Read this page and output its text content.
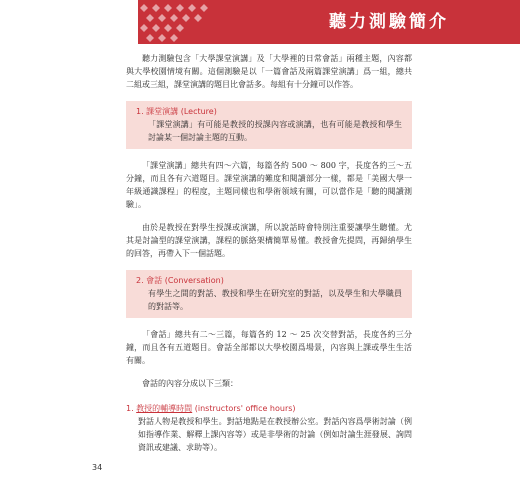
聽力測驗簡介

聽力測驗包含「大學課堂演講」及「大學裡的日常會話」兩種主題，內容都與大學校園情境有關。這個測驗是以「一篇會話及兩篇課堂演講」爲一組，總共二組或三組，課堂演講的題目比會話多。每組有十分鐘可以作答。

1. 課堂演講 (Lecture)

「課堂演講」有可能是教授的授課內容或演講，也有可能是教授和學生討論某一個討論主題的互動。

「課堂演講」總共有四～六篇，每篇各約 500 ～ 800 字，長度各約三～五分鐘，而且各有六道題目。課堂演講的難度和閱讀部分一樣，都是「美國大學一年級通識課程」的程度，主題同樣也和學術領域有關，可以當作是「聽的閱讀測驗」。

由於是教授在對學生授課或演講，所以說話時會特別注重要讓學生聽懂。尤其是討論型的課堂演講，課程的脈絡架構簡單易懂。教授會先提問，再歸納學生的回答，再帶入下一個話題。

2. 會話 (Conversation)

有學生之間的對話、教授和學生在研究室的對話，以及學生和大學職員的對話等。

「會話」總共有二～三篇，每篇各約 12 ～ 25 次交替對話，長度各約三分鐘，而且各有五道題目。會話全部都以大學校園爲場景，內容與上課或學生生活有關。

會話的內容分成以下三類：

1. 教授的輔導時間 (instructors' office hours)

對話人物是教授和學生。對話地點是在教授辦公室。對話內容爲學術討論（例如指導作業、解釋上課內容等）或是非學術的討論（例如討論生涯發展、詢問資訊或建議、求助等）。

34
